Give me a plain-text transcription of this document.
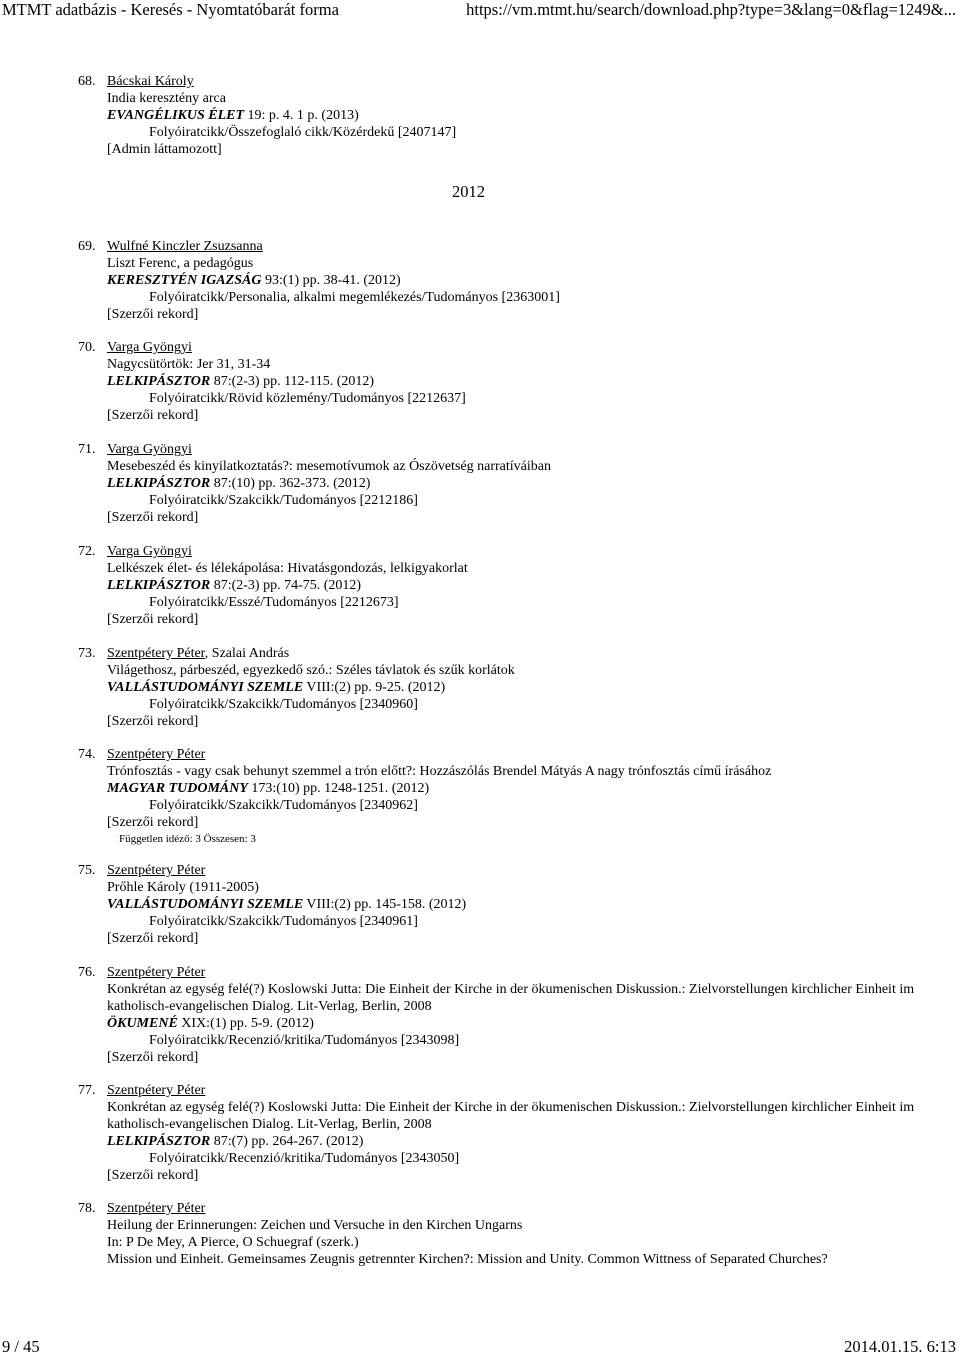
MTMT adatbázis - Keresés - Nyomtatóbarát forma	https://vm.mtmt.hu/search/download.php?type=3&lang=0&flag=1249&...
2012
68. Bácskai Károly
India keresztény arca
EVANGÉLIKUS ÉLET 19: p. 4. 1 p. (2013)
Folyóiratcikk/Összefoglaló cikk/Közérdekű [2407147]
[Admin láttamozott]
69. Wulfné Kinczler Zsuzsanna
Liszt Ferenc, a pedagógus
KERESZTYÉN IGAZSÁG 93:(1) pp. 38-41. (2012)
Folyóiratcikk/Personalia, alkalmi megemlékezés/Tudományos [2363001]
[Szerzői rekord]
70. Varga Gyöngyi
Nagycsütörtök: Jer 31, 31-34
LELKIPÁSZTOR 87:(2-3) pp. 112-115. (2012)
Folyóiratcikk/Rövid közlemény/Tudományos [2212637]
[Szerzői rekord]
71. Varga Gyöngyi
Mesebeszéd és kinyilatkoztatás?: mesemotívumok az Ószövetség narratíváiban
LELKIPÁSZTOR 87:(10) pp. 362-373. (2012)
Folyóiratcikk/Szakcikk/Tudományos [2212186]
[Szerzői rekord]
72. Varga Gyöngyi
Lelkészek élet- és lélekápolása: Hivatásgondozás, lelkigyakorlat
LELKIPÁSZTOR 87:(2-3) pp. 74-75. (2012)
Folyóiratcikk/Esszé/Tudományos [2212673]
[Szerzői rekord]
73. Szentpétery Péter, Szalai András
Világethosz, párbeszéd, egyezkedő szó.: Széles távlatok és szűk korlátok
VALLÁSTUDOMÁNYI SZEMLE VIII:(2) pp. 9-25. (2012)
Folyóiratcikk/Szakcikk/Tudományos [2340960]
[Szerzői rekord]
74. Szentpétery Péter
Trónfosztás - vagy csak behunyt szemmel a trón előtt?: Hozzászólás Brendel Mátyás A nagy trónfosztás című írásához
MAGYAR TUDOMÁNY 173:(10) pp. 1248-1251. (2012)
Folyóiratcikk/Szakcikk/Tudományos [2340962]
[Szerzői rekord]
Független idéző: 3 Összesen: 3
75. Szentpétery Péter
Prőhle Károly (1911-2005)
VALLÁSTUDOMÁNYI SZEMLE VIII:(2) pp. 145-158. (2012)
Folyóiratcikk/Szakcikk/Tudományos [2340961]
[Szerzői rekord]
76. Szentpétery Péter
Konkrétan az egység felé(?) Koslowski Jutta: Die Einheit der Kirche in der ökumenischen Diskussion.: Zielvorstellungen kirchlicher Einheit im katholisch-evangelischen Dialog. Lit-Verlag, Berlin, 2008
ÖKUMENÉ XIX:(1) pp. 5-9. (2012)
Folyóiratcikk/Recenzió/kritika/Tudományos [2343098]
[Szerzői rekord]
77. Szentpétery Péter
Konkrétan az egység felé(?) Koslowski Jutta: Die Einheit der Kirche in der ökumenischen Diskussion.: Zielvorstellungen kirchlicher Einheit im katholisch-evangelischen Dialog. Lit-Verlag, Berlin, 2008
LELKIPÁSZTOR 87:(7) pp. 264-267. (2012)
Folyóiratcikk/Recenzió/kritika/Tudományos [2343050]
[Szerzői rekord]
78. Szentpétery Péter
Heilung der Erinnerungen: Zeichen und Versuche in den Kirchen Ungarns
In: P De Mey, A Pierce, O Schuegraf (szerk.)
Mission und Einheit. Gemeinsames Zeugnis getrennter Kirchen?: Mission and Unity. Common Wittness of Separated Churches?
9 / 45	2014.01.15. 6:13
